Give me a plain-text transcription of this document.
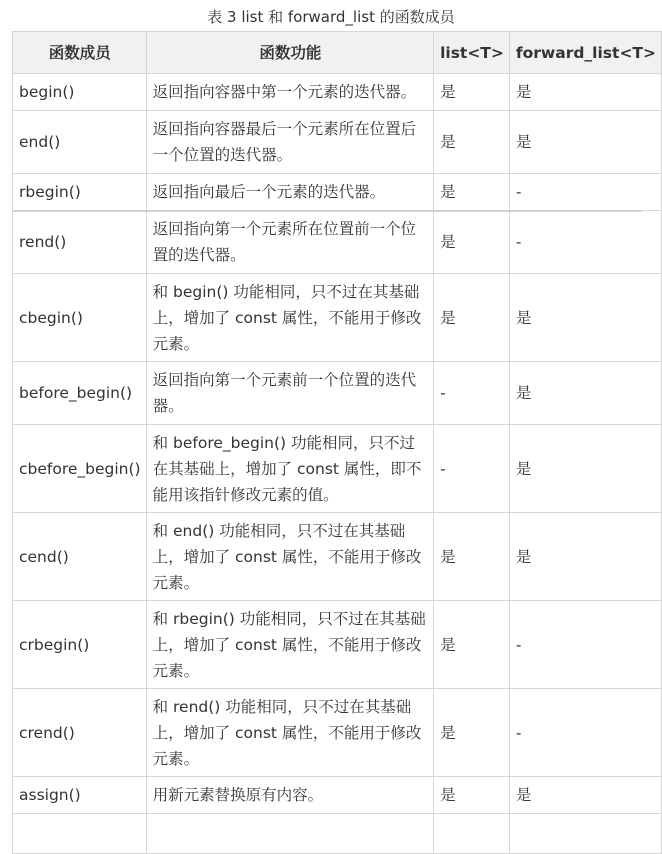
表 3 list 和 forward_list 的函数成员
函数成员	函数功能	list<T>	forward_list<T>
begin()	返回指向容器中第一个元素的迭代器。	是	是
end()	返回指向容器最后一个元素所在位置后一个位置的迭代器。	是	是
rbegin()	返回指向最后一个元素的迭代器。	是	-
rend()	返回指向第一个元素所在位置前一个位置的迭代器。	是	-
cbegin()	和 begin() 功能相同，只不过在其基础上，增加了 const 属性，不能用于修改元素。	是	是
before_begin()	返回指向第一个元素前一个位置的迭代器。	-	是
cbefore_begin()	和 before_begin() 功能相同，只不过在其基础上，增加了 const 属性，即不能用该指针修改元素的值。	-	是
cend()	和 end() 功能相同，只不过在其基础上，增加了 const 属性，不能用于修改元素。	是	是
crbegin()	和 rbegin() 功能相同，只不过在其基础上，增加了 const 属性，不能用于修改元素。	是	-
crend()	和 rend() 功能相同，只不过在其基础上，增加了 const 属性，不能用于修改元素。	是	-
assign()	用新元素替换原有内容。	是	是
